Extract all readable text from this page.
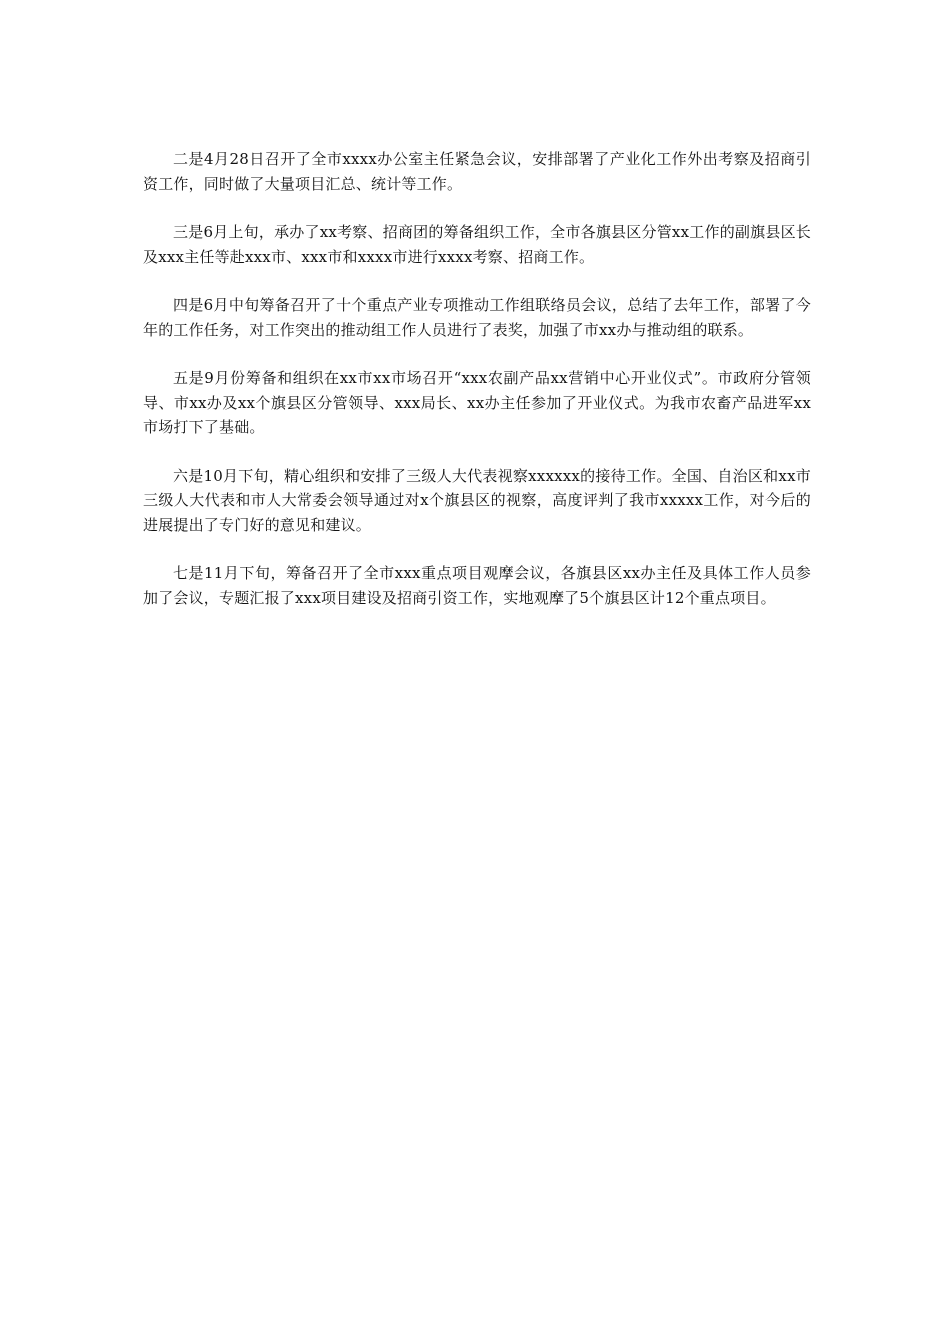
二是4月28日召开了全市xxxx办公室主任紧急会议，安排部署了产业化工作外出考察及招商引资工作，同时做了大量项目汇总、统计等工作。

三是6月上旬，承办了xx考察、招商团的筹备组织工作，全市各旗县区分管xx工作的副旗县区长及xxx主任等赴xxx市、xxx市和xxxx市进行xxxx考察、招商工作。

四是6月中旬筹备召开了十个重点产业专项推动工作组联络员会议，总结了去年工作，部署了今年的工作任务，对工作突出的推动组工作人员进行了表奖，加强了市xx办与推动组的联系。

五是9月份筹备和组织在xx市xx市场召开“xxx农副产品xx营销中心开业仪式”。市政府分管领导、市xx办及xx个旗县区分管领导、xxx局长、xx办主任参加了开业仪式。为我市农畜产品进军xx市场打下了基础。

六是10月下旬，精心组织和安排了三级人大代表视察xxxxxx的接待工作。全国、自治区和xx市三级人大代表和市人大常委会领导通过对x个旗县区的视察，高度评判了我市xxxxx工作，对今后的进展提出了专门好的意见和建议。

七是11月下旬，筹备召开了全市xxx重点项目观摩会议，各旗县区xx办主任及具体工作人员参加了会议，专题汇报了xxx项目建设及招商引资工作，实地观摩了5个旗县区计12个重点项目。
